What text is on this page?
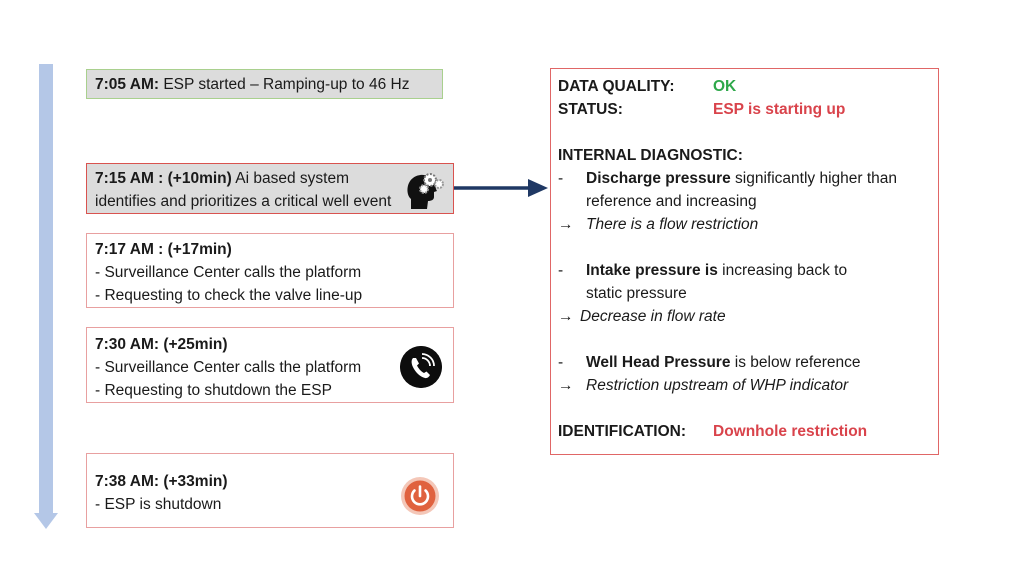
7:05 AM: ESP started – Ramping-up to 46 Hz
7:15 AM : (+10min) Ai based system
identifies and prioritizes a critical well event
7:17 AM : (+17min)
- Surveillance Center calls the platform
- Requesting to check the valve line-up
7:30 AM: (+25min)
- Surveillance Center calls the platform
- Requesting to shutdown the ESP
7:38 AM: (+33min)
- ESP is shutdown
DATA QUALITY:	OK
STATUS:	ESP is starting up
INTERNAL DIAGNOSTIC:
-	Discharge pressure significantly higher than
reference and increasing
→ There is a flow restriction
-	Intake pressure is increasing back to
static pressure
→ Decrease in flow rate
-	Well Head Pressure is below reference
→ Restriction upstream of WHP indicator
IDENTIFICATION:	Downhole restriction
